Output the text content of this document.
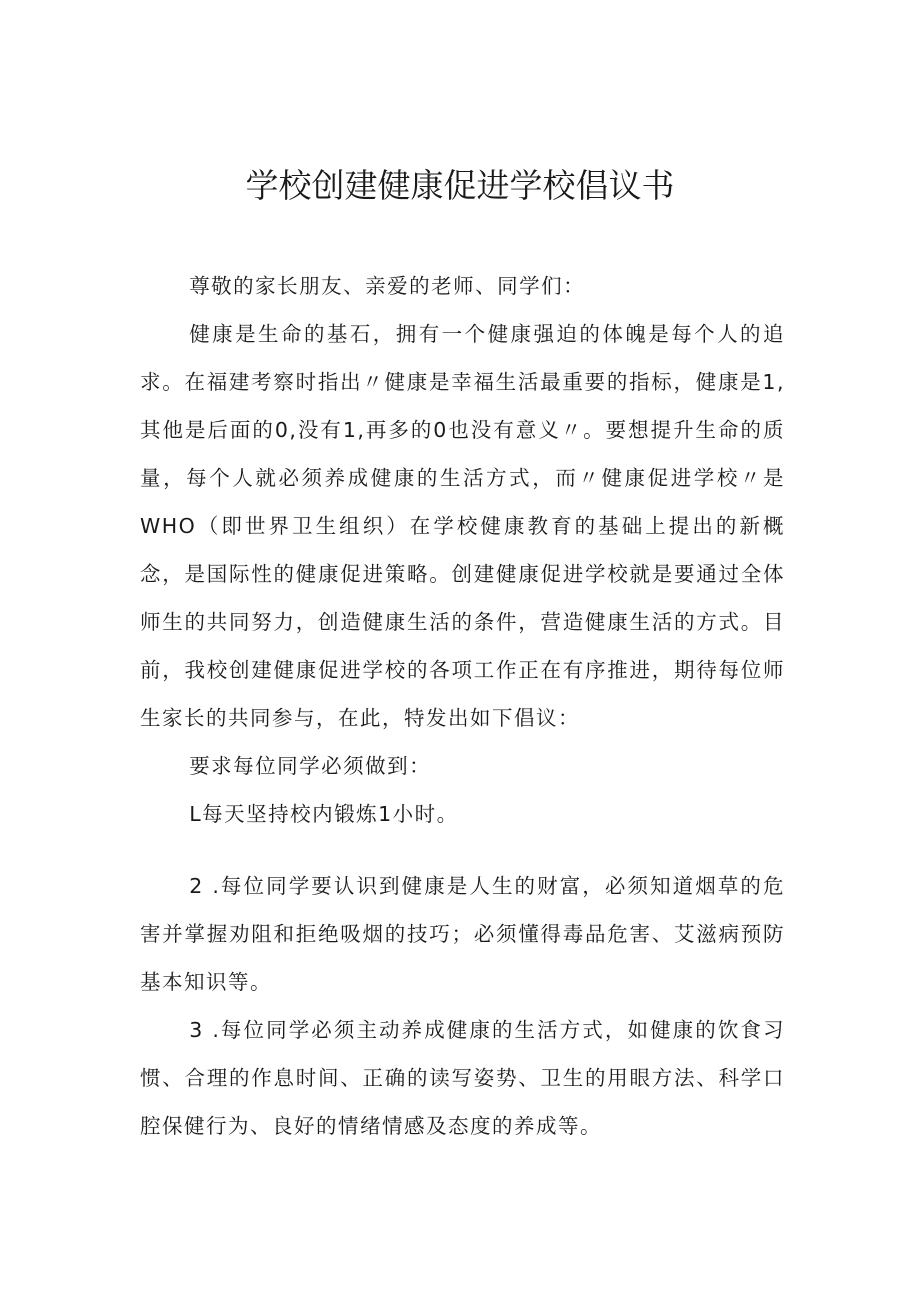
学校创建健康促进学校倡议书

尊敬的家长朋友、亲爱的老师、同学们：

健康是生命的基石，拥有一个健康强迫的体魄是每个人的追求。在福建考察时指出〃健康是幸福生活最重要的指标，健康是1,其他是后面的0,没有1,再多的0也没有意义〃。要想提升生命的质量，每个人就必须养成健康的生活方式，而〃健康促进学校〃是WHO（即世界卫生组织）在学校健康教育的基础上提出的新概念，是国际性的健康促进策略。创建健康促进学校就是要通过全体师生的共同努力，创造健康生活的条件，营造健康生活的方式。目前，我校创建健康促进学校的各项工作正在有序推进，期待每位师生家长的共同参与，在此，特发出如下倡议：

要求每位同学必须做到：

L每天坚持校内锻炼1小时。

2 .每位同学要认识到健康是人生的财富，必须知道烟草的危害并掌握劝阻和拒绝吸烟的技巧；必须懂得毒品危害、艾滋病预防基本知识等。

3 .每位同学必须主动养成健康的生活方式，如健康的饮食习惯、合理的作息时间、正确的读写姿势、卫生的用眼方法、科学口腔保健行为、良好的情绪情感及态度的养成等。
